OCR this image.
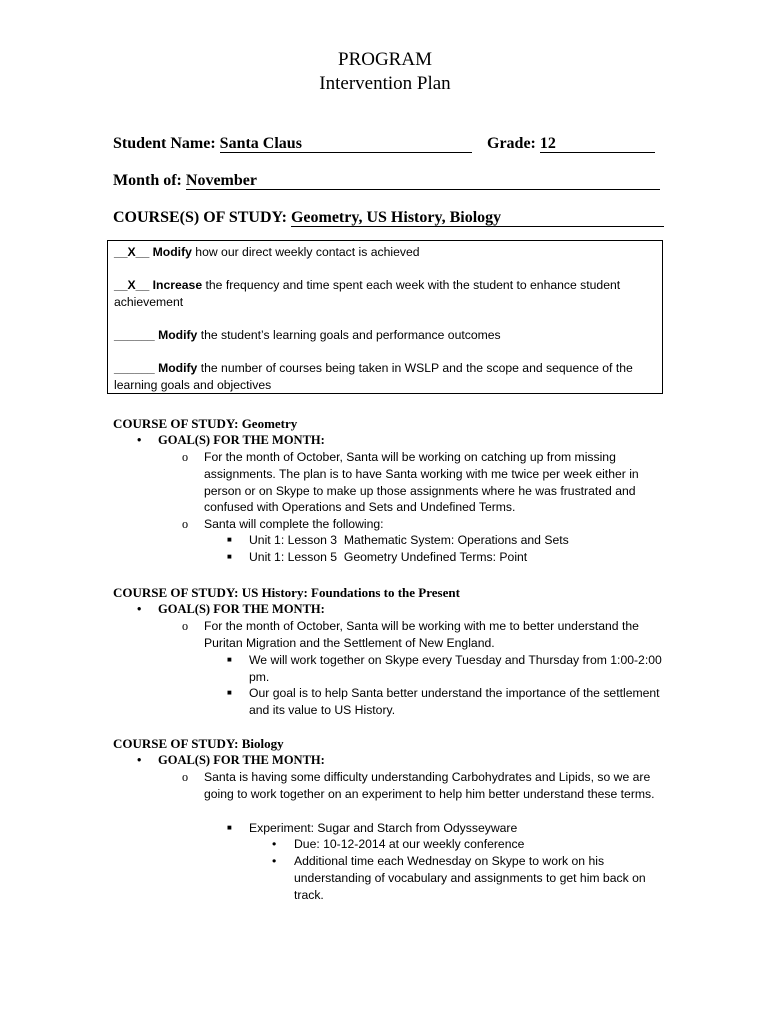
PROGRAM
Intervention Plan
Student Name: Santa Claus	Grade: 12
Month of: November
COURSE(S) OF STUDY: Geometry, US History, Biology
__X__ Modify how our direct weekly contact is achieved
__X__ Increase the frequency and time spent each week with the student to enhance student achievement
______ Modify the student’s learning goals and performance outcomes
______ Modify the number of courses being taken in WSLP and the scope and sequence of the learning goals and objectives
COURSE OF STUDY: Geometry
• GOAL(S) FOR THE MONTH:
o For the month of October, Santa will be working on catching up from missing assignments. The plan is to have Santa working with me twice per week either in person or on Skype to make up those assignments where he was frustrated and confused with Operations and Sets and Undefined Terms.
o Santa will complete the following:
■ Unit 1: Lesson 3  Mathematic System: Operations and Sets
■ Unit 1: Lesson 5  Geometry Undefined Terms: Point
COURSE OF STUDY: US History: Foundations to the Present
• GOAL(S) FOR THE MONTH:
o For the month of October, Santa will be working with me to better understand the Puritan Migration and the Settlement of New England.
■ We will work together on Skype every Tuesday and Thursday from 1:00-2:00 pm.
■ Our goal is to help Santa better understand the importance of the settlement and its value to US History.
COURSE OF STUDY: Biology
• GOAL(S) FOR THE MONTH:
o Santa is having some difficulty understanding Carbohydrates and Lipids, so we are going to work together on an experiment to help him better understand these terms.
■ Experiment: Sugar and Starch from Odysseyware
• Due: 10-12-2014 at our weekly conference
• Additional time each Wednesday on Skype to work on his understanding of vocabulary and assignments to get him back on track.
